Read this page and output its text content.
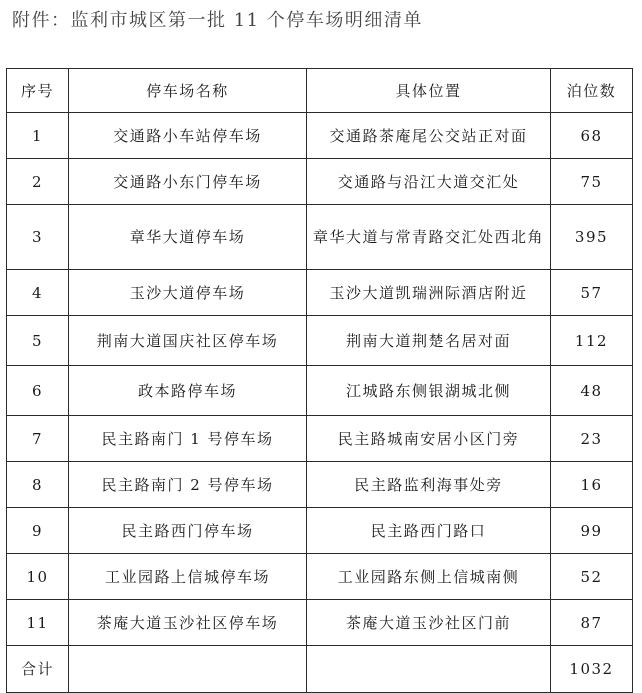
附件：监利市城区第一批 11 个停车场明细清单
序号	停车场名称	具体位置	泊位数
1	交通路小车站停车场	交通路茶庵尾公交站正对面	68
2	交通路小东门停车场	交通路与沿江大道交汇处	75
3	章华大道停车场	章华大道与常青路交汇处西北角	395
4	玉沙大道停车场	玉沙大道凯瑞洲际酒店附近	57
5	荆南大道国庆社区停车场	荆南大道荆楚名居对面	112
6	政本路停车场	江城路东侧银湖城北侧	48
7	民主路南门 1 号停车场	民主路城南安居小区门旁	23
8	民主路南门 2 号停车场	民主路监利海事处旁	16
9	民主路西门停车场	民主路西门路口	99
10	工业园路上信城停车场	工业园路东侧上信城南侧	52
11	茶庵大道玉沙社区停车场	茶庵大道玉沙社区门前	87
合计			1032
